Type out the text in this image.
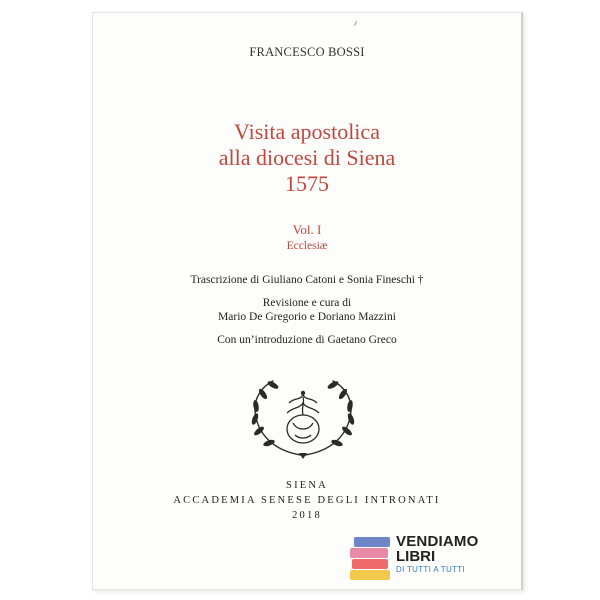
FRANCESCO BOSSI
Visita apostolica
alla diocesi di Siena
1575
Vol. I
Ecclesiæ

Trascrizione di Giuliano Catoni e Sonia Fineschi †

Revisione e cura di
Mario De Gregorio e Doriano Mazzini

Con un’introduzione di Gaetano Greco

SIENA
ACCADEMIA SENESE DEGLI INTRONATI
2018
VENDIAMO
LIBRI
DI TUTTI A TUTTI
